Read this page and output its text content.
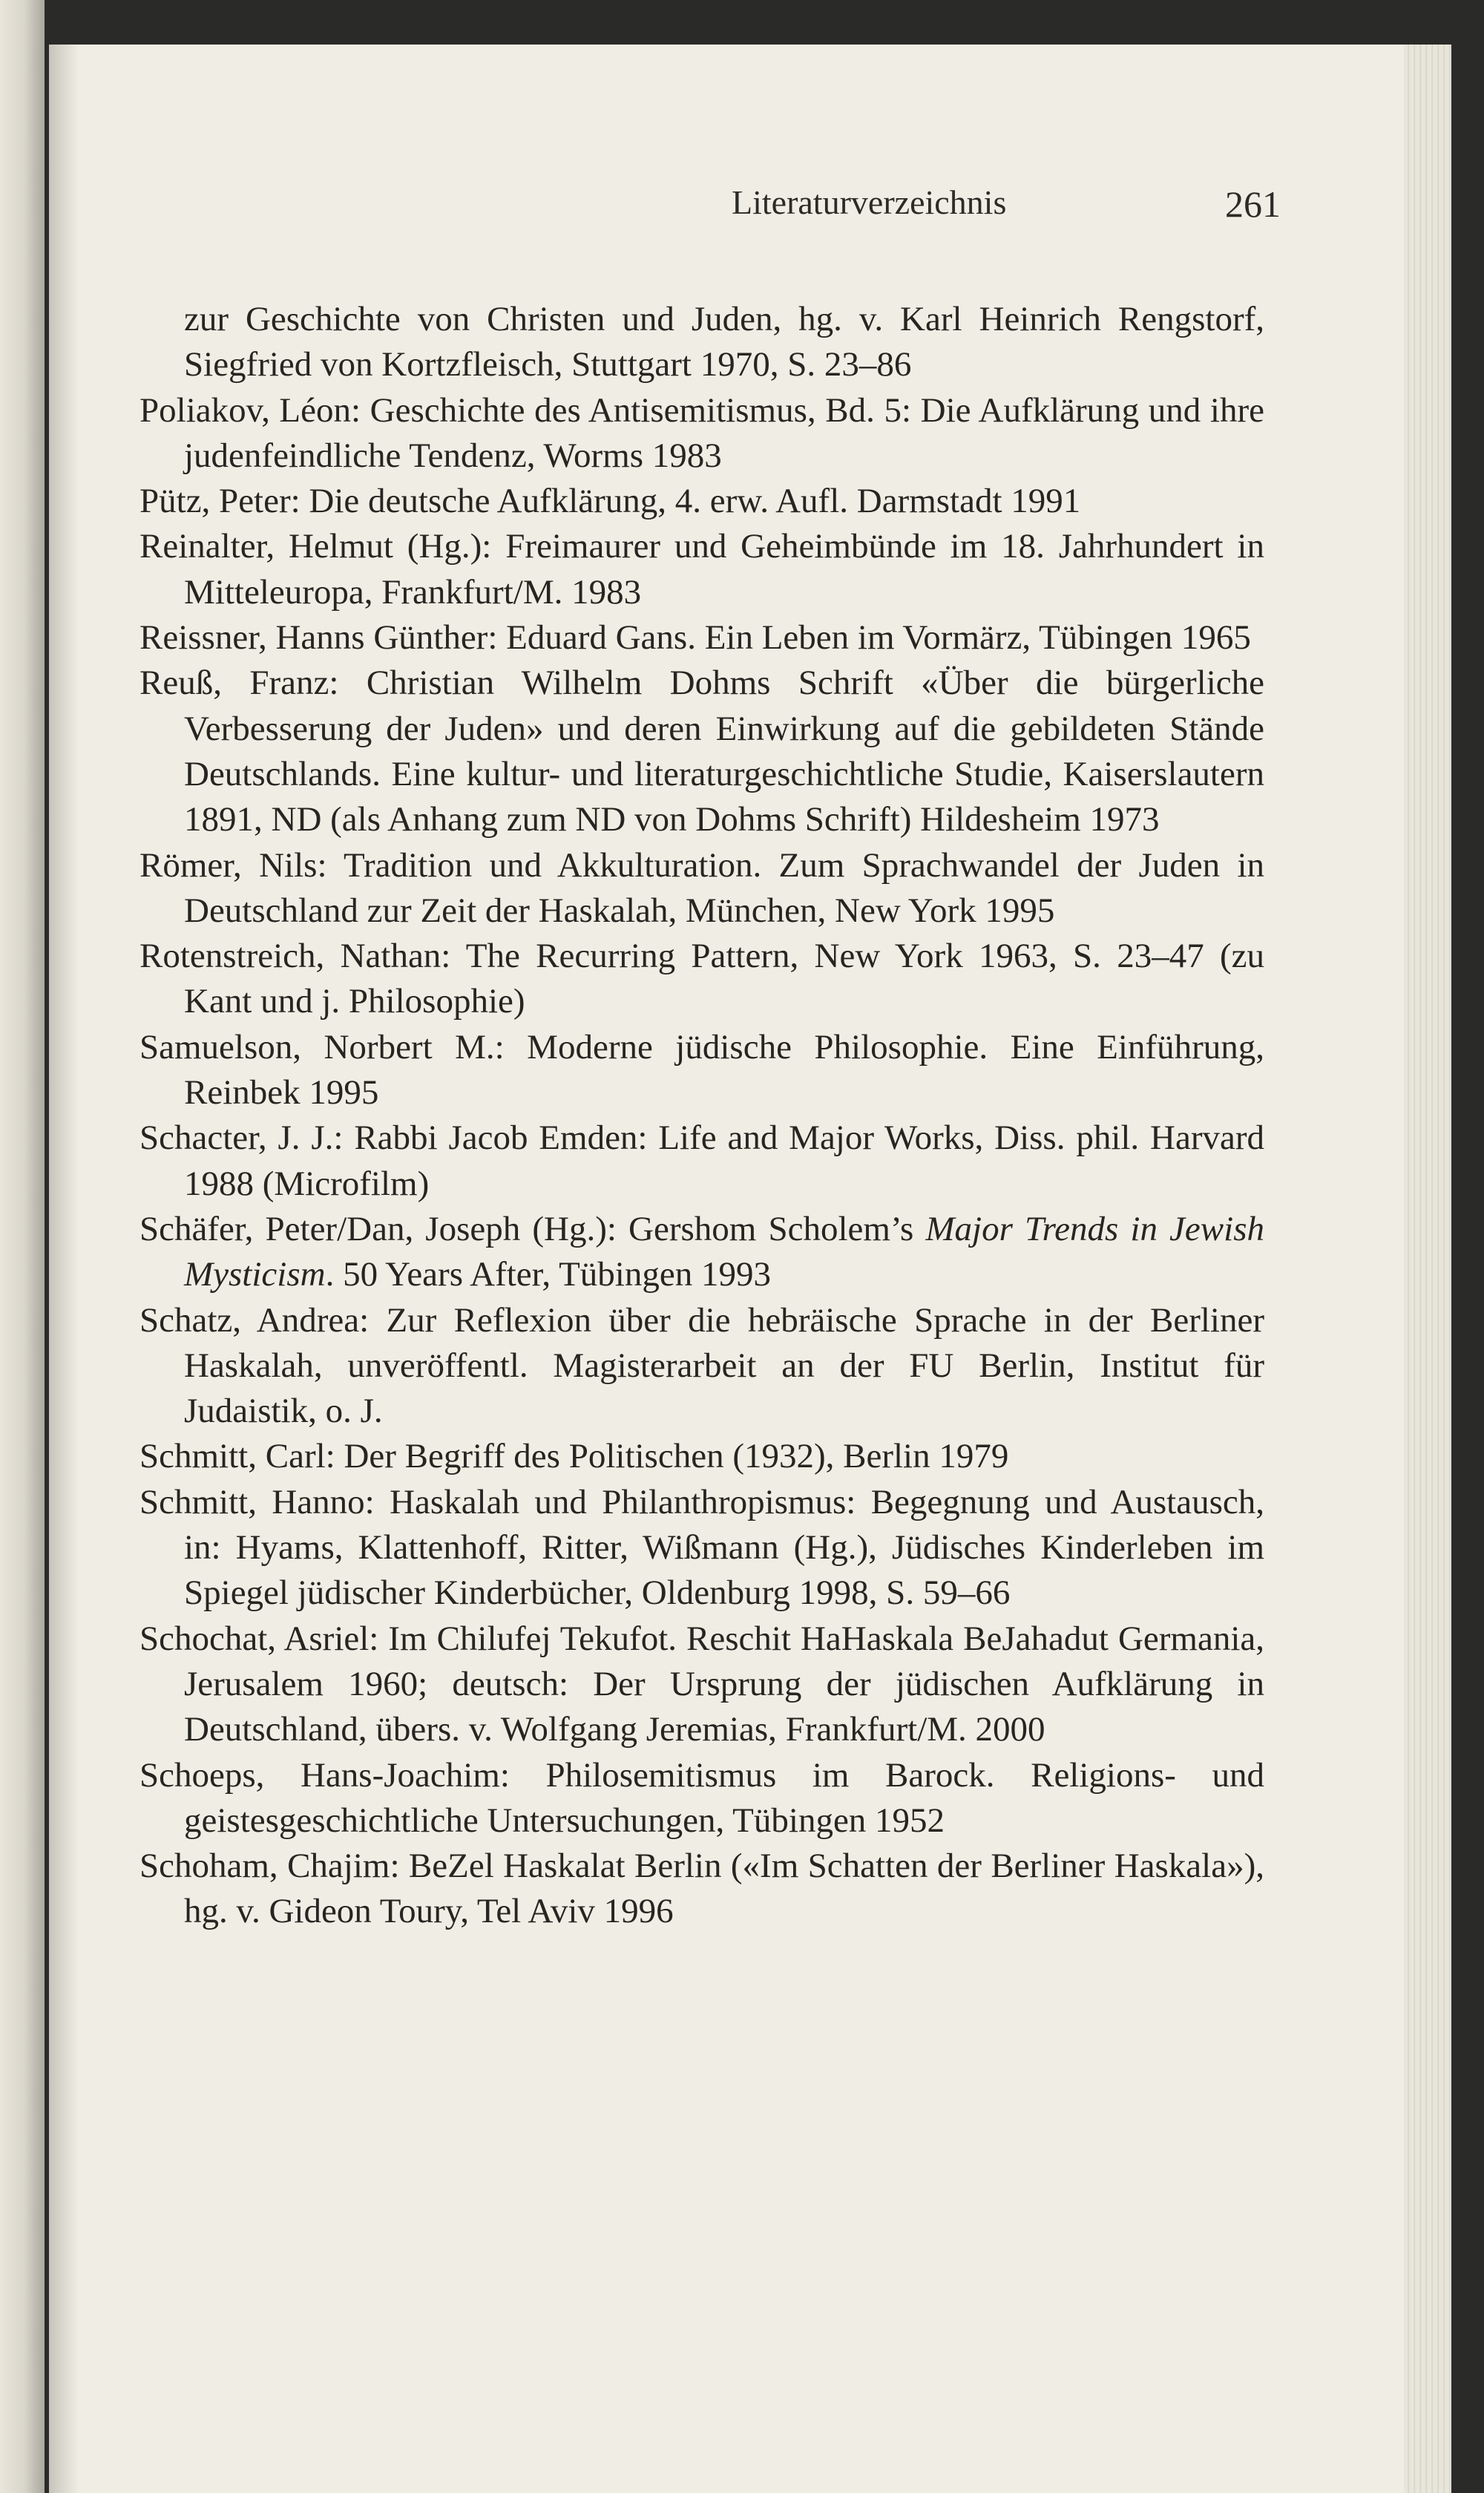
Literaturverzeichnis	261

zur Geschichte von Christen und Juden, hg. v. Karl Heinrich Rengstorf, Siegfried von Kortzfleisch, Stuttgart 1970, S. 23–86

Poliakov, Léon: Geschichte des Antisemitismus, Bd. 5: Die Aufklärung und ihre judenfeindliche Tendenz, Worms 1983

Pütz, Peter: Die deutsche Aufklärung, 4. erw. Aufl. Darmstadt 1991

Reinalter, Helmut (Hg.): Freimaurer und Geheimbünde im 18. Jahrhundert in Mitteleuropa, Frankfurt/M. 1983

Reissner, Hanns Günther: Eduard Gans. Ein Leben im Vormärz, Tübingen 1965

Reuß, Franz: Christian Wilhelm Dohms Schrift «Über die bürgerliche Verbesserung der Juden» und deren Einwirkung auf die gebildeten Stände Deutschlands. Eine kultur- und literaturgeschichtliche Studie, Kaiserslautern 1891, ND (als Anhang zum ND von Dohms Schrift) Hildesheim 1973

Römer, Nils: Tradition und Akkulturation. Zum Sprachwandel der Juden in Deutschland zur Zeit der Haskalah, München, New York 1995

Rotenstreich, Nathan: The Recurring Pattern, New York 1963, S. 23–47 (zu Kant und j. Philosophie)

Samuelson, Norbert M.: Moderne jüdische Philosophie. Eine Einführung, Reinbek 1995

Schacter, J. J.: Rabbi Jacob Emden: Life and Major Works, Diss. phil. Harvard 1988 (Microfilm)

Schäfer, Peter/Dan, Joseph (Hg.): Gershom Scholem’s Major Trends in Jewish Mysticism. 50 Years After, Tübingen 1993

Schatz, Andrea: Zur Reflexion über die hebräische Sprache in der Berliner Haskalah, unveröffentl. Magisterarbeit an der FU Berlin, Institut für Judaistik, o. J.

Schmitt, Carl: Der Begriff des Politischen (1932), Berlin 1979

Schmitt, Hanno: Haskalah und Philanthropismus: Begegnung und Austausch, in: Hyams, Klattenhoff, Ritter, Wißmann (Hg.), Jüdisches Kinderleben im Spiegel jüdischer Kinderbücher, Oldenburg 1998, S. 59–66

Schochat, Asriel: Im Chilufej Tekufot. Reschit HaHaskala BeJahadut Germania, Jerusalem 1960; deutsch: Der Ursprung der jüdischen Aufklärung in Deutschland, übers. v. Wolfgang Jeremias, Frankfurt/M. 2000

Schoeps, Hans-Joachim: Philosemitismus im Barock. Religions- und geistesgeschichtliche Untersuchungen, Tübingen 1952

Schoham, Chajim: BeZel Haskalat Berlin («Im Schatten der Berliner Haskala»), hg. v. Gideon Toury, Tel Aviv 1996
